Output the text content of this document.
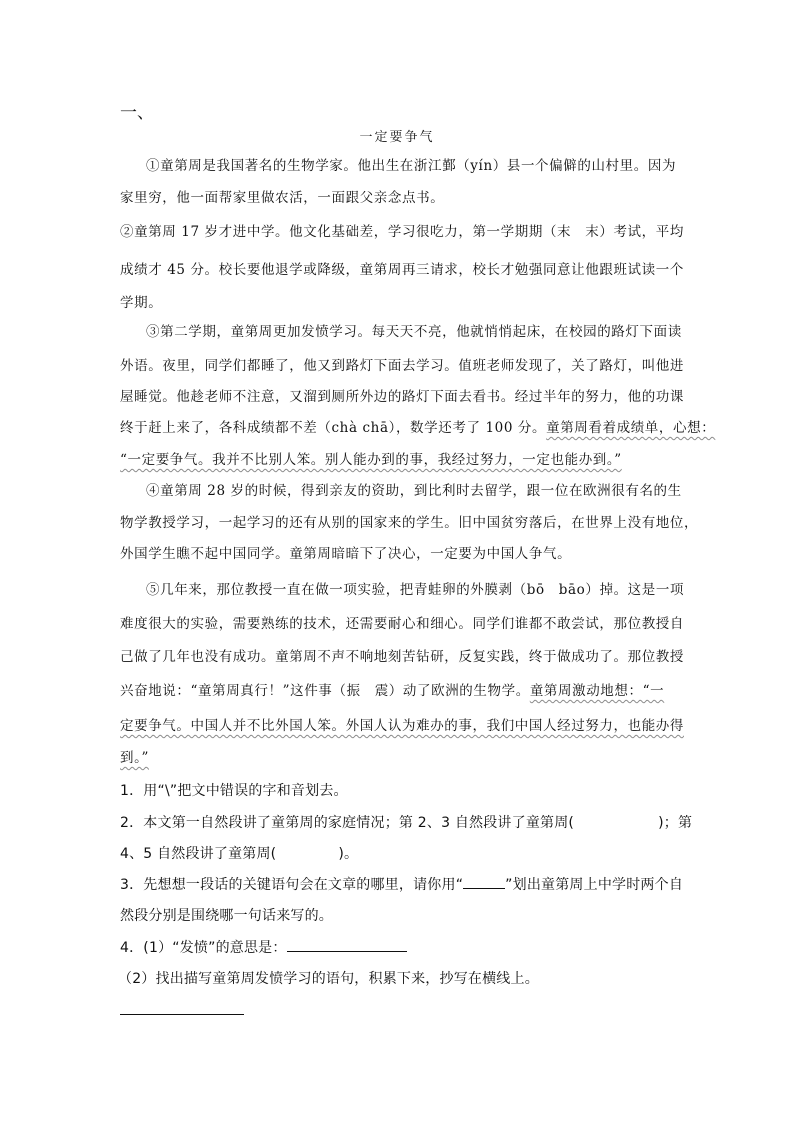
一、
一定要争气
①童第周是我国著名的生物学家。他出生在浙江鄞（yín）县一个偏僻的山村里。因为
家里穷，他一面帮家里做农活，一面跟父亲念点书。
②童第周 17 岁才进中学。他文化基础差，学习很吃力，第一学期期（末　末）考试，平均
成绩才 45 分。校长要他退学或降级，童第周再三请求，校长才勉强同意让他跟班试读一个
学期。
③第二学期，童第周更加发愤学习。每天天不亮，他就悄悄起床，在校园的路灯下面读
外语。夜里，同学们都睡了，他又到路灯下面去学习。值班老师发现了，关了路灯，叫他进
屋睡觉。他趁老师不注意，又溜到厕所外边的路灯下面去看书。经过半年的努力，他的功课
终于赶上来了，各科成绩都不差（chà chā），数学还考了 100 分。童第周看着成绩单，心想：
“一定要争气。我并不比别人笨。别人能办到的事，我经过努力，一定也能办到。”
④童第周 28 岁的时候，得到亲友的资助，到比利时去留学，跟一位在欧洲很有名的生
物学教授学习，一起学习的还有从别的国家来的学生。旧中国贫穷落后，在世界上没有地位，
外国学生瞧不起中国同学。童第周暗暗下了决心，一定要为中国人争气。
⑤几年来，那位教授一直在做一项实验，把青蛙卵的外膜剥（bō　bāo）掉。这是一项
难度很大的实验，需要熟练的技术，还需要耐心和细心。同学们谁都不敢尝试，那位教授自
己做了几年也没有成功。童第周不声不响地刻苦钻研，反复实践，终于做成功了。那位教授
兴奋地说：“童第周真行！”这件事（振　震）动了欧洲的生物学。童第周激动地想：“一
定要争气。中国人并不比外国人笨。外国人认为难办的事，我们中国人经过努力，也能办得
到。”
1．用“\”把文中错误的字和音划去。
2．本文第一自然段讲了童第周的家庭情况；第 2、3 自然段讲了童第周(	)；第
4、5 自然段讲了童第周(	)。
3．先想想一段话的关键语句会在文章的哪里，请你用“	”划出童第周上中学时两个自
然段分别是围绕哪一句话来写的。
4．(1）“发愤”的意思是：
（2）找出描写童第周发愤学习的语句，积累下来，抄写在横线上。
